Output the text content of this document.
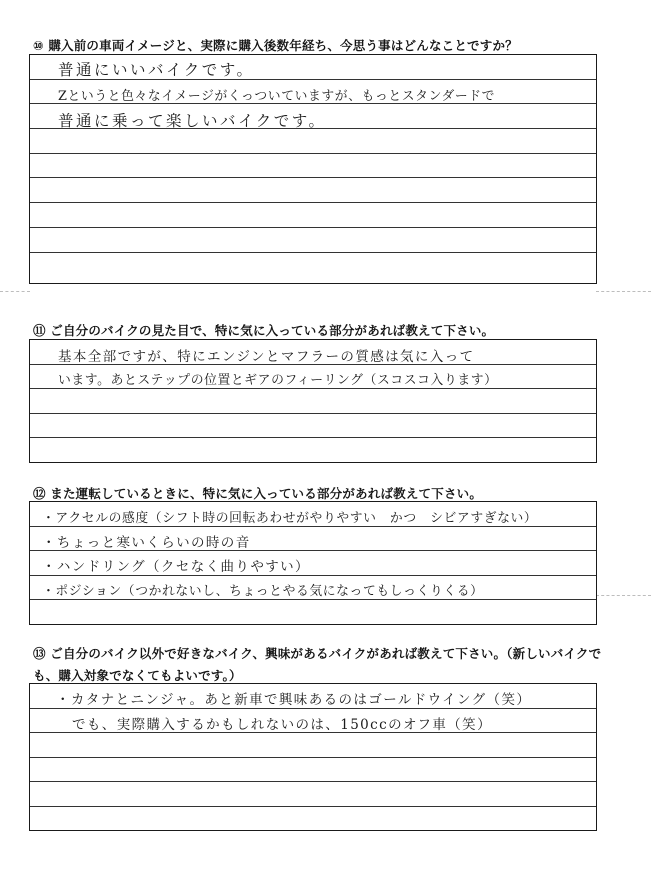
⑩ 購入前の車両イメージと、実際に購入後数年経ち、今思う事はどんなことですか？
普通にいいバイクです。
Zというと色々なイメージがくっついていますが、もっとスタンダードで
普通に乗って楽しいバイクです。
⑪ ご自分のバイクの見た目で、特に気に入っている部分があれば教えて下さい。
基本全部ですが、特にエンジンとマフラーの質感は気に入って
います。あとステップの位置とギアのフィーリング（スコスコ入ります）
⑫ また運転しているときに、特に気に入っている部分があれば教えて下さい。
・アクセルの感度（シフト時の回転あわせがやりやすい　かつ　シビアすぎない）
・ちょっと寒いくらいの時の音
・ハンドリング（クセなく曲りやすい）
・ポジション（つかれないし、ちょっとやる気になってもしっくりくる）
⑬ ご自分のバイク以外で好きなバイク、興味があるバイクがあれば教えて下さい。（新しいバイクでも、購入対象でなくてもよいです。）
・カタナとニンジャ。あと新車で興味あるのはゴールドウイング（笑）
でも、実際購入するかもしれないのは、150ccのオフ車（笑）
